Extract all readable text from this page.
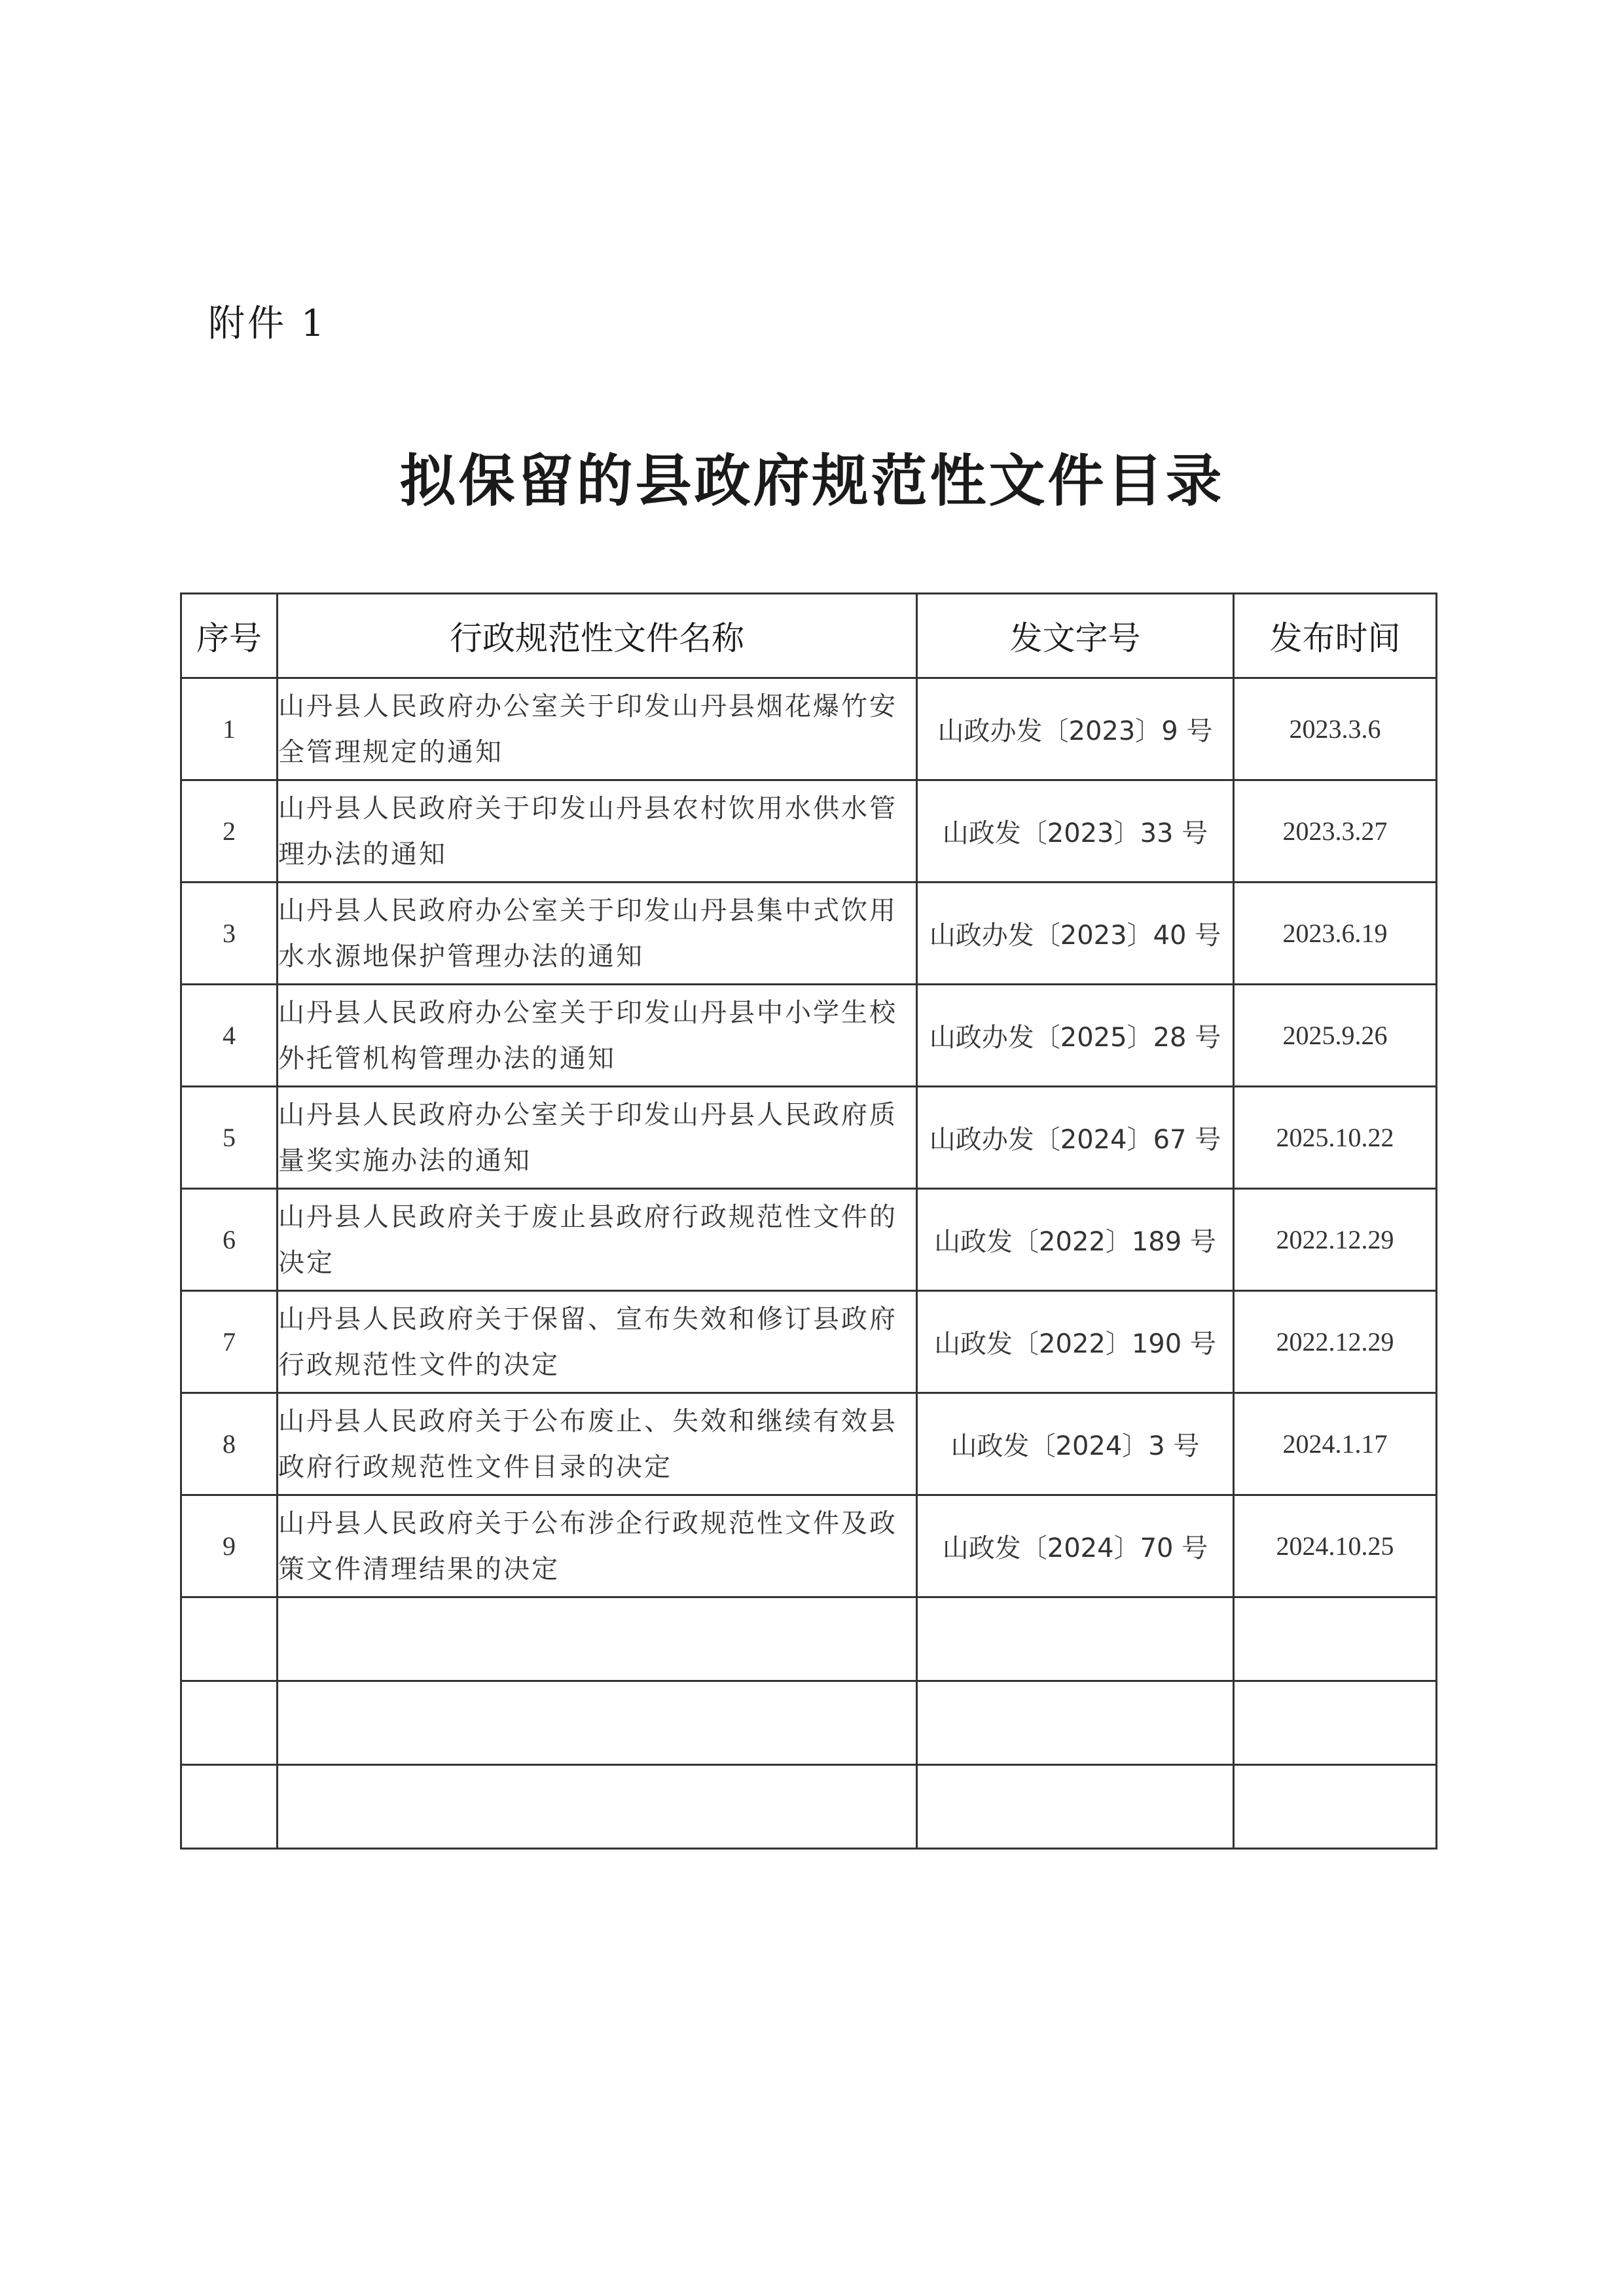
附件 1
拟保留的县政府规范性文件目录
序号	行政规范性文件名称	发文字号	发布时间
1	山丹县人民政府办公室关于印发山丹县烟花爆竹安全管理规定的通知	山政办发〔2023〕9 号	2023.3.6
2	山丹县人民政府关于印发山丹县农村饮用水供水管理办法的通知	山政发〔2023〕33 号	2023.3.27
3	山丹县人民政府办公室关于印发山丹县集中式饮用水水源地保护管理办法的通知	山政办发〔2023〕40 号	2023.6.19
4	山丹县人民政府办公室关于印发山丹县中小学生校外托管机构管理办法的通知	山政办发〔2025〕28 号	2025.9.26
5	山丹县人民政府办公室关于印发山丹县人民政府质量奖实施办法的通知	山政办发〔2024〕67 号	2025.10.22
6	山丹县人民政府关于废止县政府行政规范性文件的决定	山政发〔2022〕189 号	2022.12.29
7	山丹县人民政府关于保留、宣布失效和修订县政府行政规范性文件的决定	山政发〔2022〕190 号	2022.12.29
8	山丹县人民政府关于公布废止、失效和继续有效县政府行政规范性文件目录的决定	山政发〔2024〕3 号	2024.1.17
9	山丹县人民政府关于公布涉企行政规范性文件及政策文件清理结果的决定	山政发〔2024〕70 号	2024.10.25
